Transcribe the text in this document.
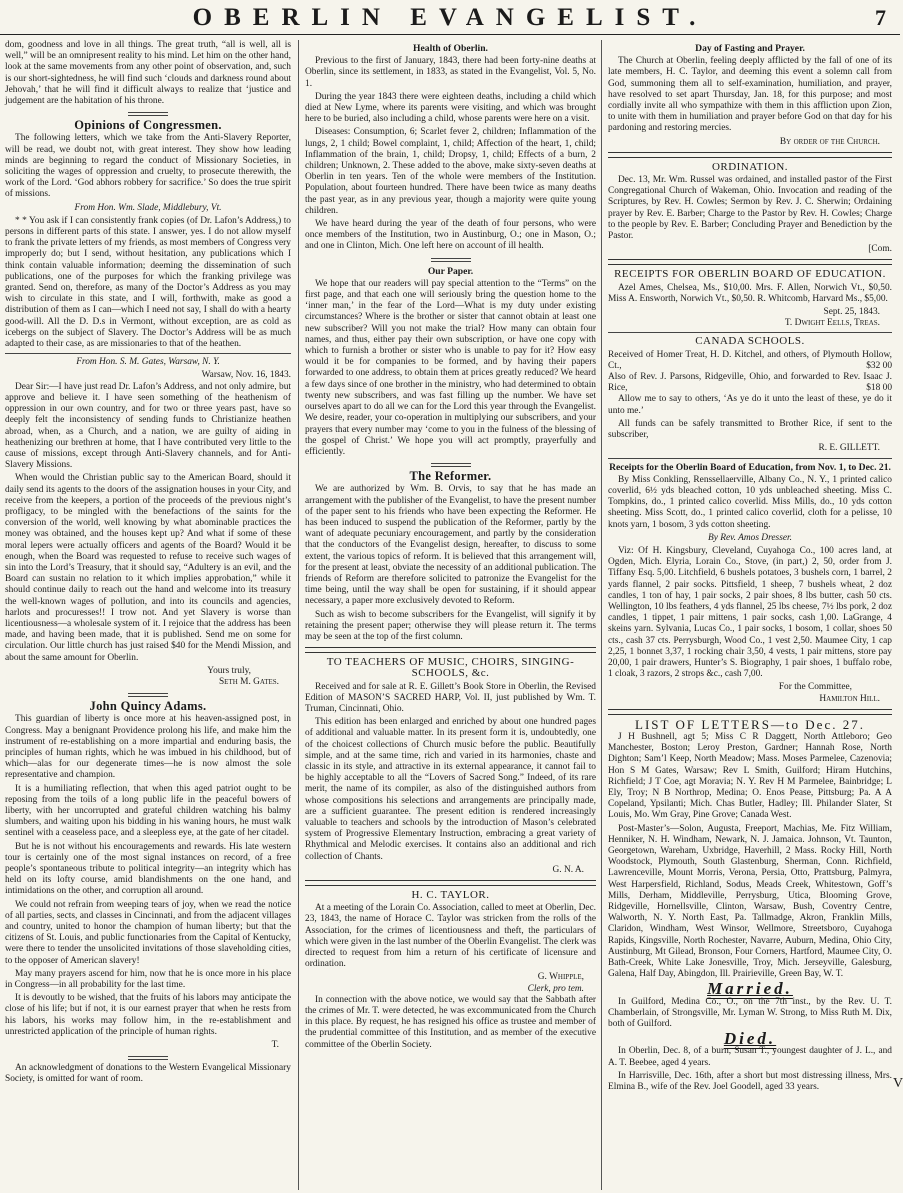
OBERLIN EVANGELIST.	7

dom, goodness and love in all things. The great truth, “all is well, all is well,” will be an omnipresent reality to his mind. Let him on the other hand, look at the same movements from any other point of observation, and, such is our short-sightedness, he will find such ‘clouds and darkness round about Jehovah,’ that he will find it difficult always to realize that ‘justice and judgement are the habitation of his throne.

Opinions of Congressmen.

The following letters, which we take from the Anti-Slavery Reporter, will be read, we doubt not, with great interest. They show how leading minds are beginning to regard the conduct of Missionary Societies, in soliciting the wages of oppression and cruelty, to prosecute therewith, the work of the Lord. ‘God abhors robbery for sacrifice.’ So does the true spirit of missions.

From Hon. Wm. Slade, Middlebury, Vt.

* * You ask if I can consistently frank copies (of Dr. Lafon’s Address,) to persons in different parts of this state. I answer, yes. I do not allow myself to frank the private letters of my friends, as most members of Congress very improperly do; but I send, without hesitation, any publications which I think contain valuable information; deeming the dissemination of such publications, one of the purposes for which the franking privilege was granted. Send on, therefore, as many of the Doctor’s Address as you may wish to circulate in this state, and I will, forthwith, make as good a distribution of them as I can—which I need not say, I shall do with a hearty good-will. All the D. D.s in Vermont, without exception, are as cold as icebergs on the subject of Slavery. The Doctor’s Address will be as much adapted to their case, as are missionaries to that of the heathen.

From Hon. S. M. Gates, Warsaw, N. Y.
Warsaw, Nov. 16, 1843.

Dear Sir:—I have just read Dr. Lafon’s Address, and not only admire, but approve and believe it. I have seen something of the heathenism of oppression in our own country, and for two or three years past, have so deeply felt the inconsistency of sending funds to Christianize heathen abroad, when, as a Church, and a nation, we are guilty of aiding in heathenizing our brethren at home, that I have contributed very little to the cause of missions, except through Anti-Slavery channels, and for Anti-Slavery Missions.

When would the Christian public say to the American Board, should it daily send its agents to the doors of the assignation houses in your City, and receive from the keepers, a portion of the proceeds of the previous night’s profligacy, to be mingled with the benefactions of the saints for the conversion of the world, well knowing by what abominable practices the money was obtained, and the houses kept up? And what if some of these moral lepers were actually officers and agents of the Board? Would it be enough, when the Board was requested to refuse to receive such wages of sin into the Lord’s Treasury, that it should say, “Adultery is an evil, and the Board can sustain no relation to it which implies approbation,” while it should continue daily to reach out the hand and welcome into its treasury the well-known wages of pollution, and into its councils and agencies, harlots and procuresses!! I trow not. And yet Slavery is worse than licentiousness—a wholesale system of it. I rejoice that the address has been made, and having been made, that it is published. Send me on some for circulation. Our little church has just raised $40 for the Mendi Mission, and about the same amount for Oberlin.

Yours truly,
Seth M. Gates.
John Quincy Adams.

This guardian of liberty is once more at his heaven-assigned post, in Congress. May a benignant Providence prolong his life, and make him the instrument of re-establishing on a more impartial and enduring basis, the principles of human rights, which he was imbued in his childhood, but of which—alas for our degenerate times—he is now almost the sole representative and champion.

It is a humiliating reflection, that when this aged patriot ought to be reposing from the toils of a long public life in the peaceful bowers of liberty, with her uncorrupted and grateful children watching his balmy slumbers, and waiting upon his bidding in his waning hours, he must walk sentinel with a ceaseless pace, and a sleepless eye, at the gate of her citadel.

But he is not without his encouragements and rewards. His late western tour is certainly one of the most signal instances on record, of a free people’s spontaneous tribute to political integrity—an integrity which has held on its lofty course, amid blandishments on the one hand, and intimidations on the other, and corruption all around.

We could not refrain from weeping tears of joy, when we read the notice of all parties, sects, and classes in Cincinnati, and from the adjacent villages and country, united to honor the champion of human liberty; but that the citizens of St. Louis, and public functionaries from the Capital of Kentucky, were there to tender the unsolicited invitations of those slaveholding cities, to the opposer of American slavery!

May many prayers ascend for him, now that he is once more in his place in Congress—in all probability for the last time.

It is devoutly to be wished, that the fruits of his labors may anticipate the close of his life; but if not, it is our earnest prayer that when he rests from his labors, his works may follow him, in the re-establishment and unrestricted application of the principle of human rights.

T.

An acknowledgment of donations to the Western Evangelical Missionary Society, is omitted for want of room.

Health of Oberlin.

Previous to the first of January, 1843, there had been forty-nine deaths at Oberlin, since its settlement, in 1833, as stated in the Evangelist, Vol. 5, No. 1.

During the year 1843 there were eighteen deaths, including a child which died at New Lyme, where its parents were visiting, and which was brought here to be buried, also including a child, whose parents were here on a visit.

Diseases: Consumption, 6; Scarlet fever 2, children; Inflammation of the lungs, 2, 1 child; Bowel complaint, 1, child; Affection of the heart, 1, child; Inflammation of the brain, 1, child; Dropsy, 1, child; Effects of a burn, 2 children; Unknown, 2. These added to the above, make sixty-seven deaths at Oberlin in ten years. Ten of the whole were members of the Institution. Population, about fourteen hundred. There have been twice as many deaths the past year, as in any previous year, though a majority were quite young children.

We have heard during the year of the death of four persons, who were once members of the Institution, two in Austinburg, O.; one in Mason, O.; and one in Clinton, Mich. One left here on account of ill health.

Our Paper.

We hope that our readers will pay special attention to the “Terms” on the first page, and that each one will seriously bring the question home to the ‘inner man,’ in the fear of the Lord—What is my duty under existing circumstances? Where is the brother or sister that cannot obtain at least one new subscriber? Will you not make the trial? How many can obtain four names, and thus, either pay their own subscription, or have one copy with which to furnish a brother or sister who is unable to pay for it? How easy would it be for companies to be formed, and by having their papers forwarded to one address, to obtain them at prices greatly reduced? We heard a few days since of one brother in the ministry, who had determined to obtain twenty new subscribers, and was fast filling up the number. We have set ourselves apart to do all we can for the Lord this year through the Evangelist. We desire, reader, your co-operation in multiplying our subscribers, and your prayers that every number may ‘come to you in the fulness of the blessing of the gospel of Christ.’ We hope you will act promptly, prayerfully and efficiently.

The Reformer.

We are authorized by Wm. B. Orvis, to say that he has made an arrangement with the publisher of the Evangelist, to have the present number of the paper sent to his friends who have been expecting the Reformer. He has been induced to suspend the publication of the Reformer, partly by the want of adequate pecuniary encouragement, and partly by the consideration that the conductors of the Evangelist design, hereafter, to discuss to some extent, the various topics of reform. It is believed that this arrangement will, for the present at least, obviate the necessity of an additional publication. The friends of Reform are therefore solicited to patronize the Evangelist for the time being, until the way shall be open for sustaining, if it should appear necessary, a paper more exclusively devoted to Reform.

Such as wish to become subscribers for the Evangelist, will signify it by retaining the present paper; otherwise they will please return it. The terms may be seen at the top of the first column.

TO TEACHERS OF MUSIC, CHOIRS, SINGING-SCHOOLS, &c.

Received and for sale at R. E. Gillett’s Book Store in Oberlin, the Revised Edition of MASON’S SACRED HARP, Vol. II, just published by Wm. T. Truman, Cincinnati, Ohio.

This edition has been enlarged and enriched by about one hundred pages of additional and valuable matter. In its present form it is, undoubtedly, one of the choicest collections of Church music before the public. Beautifully simple, and at the same time, rich and varied in its harmonies, chaste and classic in its style, and attractive in its external appearance, it cannot fail to be highly acceptable to all the “Lovers of Sacred Song.” Indeed, of its rare merit, the name of its compiler, as also of the distinguished authors from whose compositions his selections and arrangements are principally made, are a sufficient guarantee. The present edition is rendered increasingly valuable to teachers and schools by the introduction of Mason’s celebrated system of Progressive Elementary Instruction, embracing a great variety of Rhythmical and Melodic exercises. It contains also an additional and rich collection of Chants.

G. N. A.
H. C. TAYLOR.

At a meeting of the Lorain Co. Association, called to meet at Oberlin, Dec. 23, 1843, the name of Horace C. Taylor was stricken from the rolls of the Association, for the crimes of licentiousness and theft, the particulars of which were given in the last number of the Oberlin Evangelist. The clerk was directed to request from him a return of his certificate of licensure and ordination.

G. Whipple,
Clerk, pro tem.

In connection with the above notice, we would say that the Sabbath after the crimes of Mr. T. were detected, he was excommunicated from the Church in this place. By request, he has resigned his office as trustee and member of the prudential committee of this Institution, and as member of the executive committee of the Oberlin Society.

Day of Fasting and Prayer.

The Church at Oberlin, feeling deeply afflicted by the fall of one of its late members, H. C. Taylor, and deeming this event a solemn call from God, summoning them all to self-examination, humiliation, and prayer, have resolved to set apart Thursday, Jan. 18, for this purpose; and most cordially invite all who sympathize with them in this affliction upon Zion, to unite with them in humiliation and prayer before God on that day for his pardoning and restoring mercies.

By order of the Church.
ORDINATION.

Dec. 13, Mr. Wm. Russel was ordained, and installed pastor of the First Congregational Church of Wakeman, Ohio. Invocation and reading of the Scriptures, by Rev. H. Cowles; Sermon by Rev. J. C. Sherwin; Ordaining prayer by Rev. E. Barber; Charge to the Pastor by Rev. H. Cowles; Charge to the people by Rev. E. Barber; Concluding Prayer and Benediction by the Pastor.

[Com.
RECEIPTS FOR OBERLIN BOARD OF EDUCATION.

Azel Ames, Chelsea, Ms., $10,00. Mrs. F. Allen, Norwich Vt., $0,50. Miss A. Ensworth, Norwich Vt., $0,50. R. Whitcomb, Harvard Ms., $5,00.

Sept. 25, 1843.
T. Dwight Eells, Treas.
CANADA SCHOOLS.
Received of Homer Treat, H. D. Kitchel, and others, of Plymouth Hollow, Ct.,	$32 00
Also of Rev. J. Parsons, Ridgeville, Ohio, and forwarded to Rev. Isaac J. Rice,	$18 00

Allow me to say to others, ‘As ye do it unto the least of these, ye do it unto me.’

All funds can be safely transmitted to Brother Rice, if sent to the subscriber,

R. E. GILLETT.
Receipts for the Oberlin Board of Education, from Nov. 1, to Dec. 21.

By Miss Conkling, Renssellaerville, Albany Co., N. Y., 1 printed calico coverlid, 6½ yds bleached cotton, 10 yds unbleached sheeting. Miss C. Tompkins, do., 1 printed calico coverlid. Miss Mills, do., 10 yds cotton sheeting. Miss Scott, do., 1 printed calico coverlid, cloth for a pelisse, 10 knots yarn, 1 bosom, 3 yds cotton sheeting.

By Rev. Amos Dresser.

Viz: Of H. Kingsbury, Cleveland, Cuyahoga Co., 100 acres land, at Ogden, Mich. Elyria, Lorain Co., Stove, (in part,) 2, 50, order from J. Tiffany Esq. 5,00. Litchfield, 6 bushels potatoes, 3 bushels corn, 1 barrel, 2 yards flannel, 2 pair socks. Pittsfield, 1 sheep, 7 bushels wheat, 2 doz candles, 1 ton of hay, 1 pair socks, 2 pair shoes, 8 lbs butter, cash 50 cts. Wellington, 10 lbs feathers, 4 yds flannel, 25 lbs cheese, 7½ lbs pork, 2 doz candles, 1 tippet, 1 pair mittens, 1 pair socks, cash 1,00. LaGrange, 4 skeins yarn. Sylvania, Lucas Co., 1 pair socks, 1 bosom, 1 collar, shoes 50 cts., cash 37 cts. Perrysburgh, Wood Co., 1 vest 2,50. Maumee City, 1 cap 2,25, 1 bonnet 3,37, 1 rocking chair 3,50, 4 vests, 1 pair mittens, store pay 20,00, 1 pair drawers, Hunter’s S. Biography, 1 pair shoes, 1 buffalo robe, 1 cloak, 3 razors, 2 strops &c., cash 7,00.

For the Committee,
Hamilton Hill.
LIST OF LETTERS—to Dec. 27.

J H Bushnell, agt 5; Miss C R Daggett, North Attleboro; Geo Manchester, Boston; Leroy Preston, Gardner; Hannah Rose, North Dighton; Sam’l Keep, North Meadow; Mass. Moses Parmelee, Cazenovia; Hon S M Gates, Warsaw; Rev L Smith, Guilford; Hiram Hutchins, Richfield; J T Coe, agt Moravia; N. Y. Rev H M Parmelee, Bainbridge; L Ely, Troy; N B Northrop, Medina; O. Enos Pease, Pittsburg; Pa. A A Copeland, Ypsilanti; Mich. Chas Butler, Hadley; Ill. Philander Slater, St Louis, Mo. Wm Gray, Pine Grove; Canada West.

Post-Master’s—Solon, Augusta, Freeport, Machias, Me. Fitz William, Henniker, N. H. Windham, Newark, N. J. Jamaica. Johnson, Vt. Taunton, Georgetown, Wareham, Uxbridge, Haverhill, 2 Mass. Rocky Hill, North Woodstock, Plymouth, South Glastenburg, Sherman, Conn. Richfield, Lawrenceville, Mount Morris, Verona, Persia, Otto, Prattsburg, Palmyra, West Harpersfield, Richland, Sodus, Meads Creek, Whitestown, Goff’s Mills, Derham, Middleville, Perrysburg, Utica, Blooming Grove, Ridgeville, Hornellsville, Clinton, Warsaw, Bush, Coventry Centre, Walworth, N. Y. North East, Pa. Tallmadge, Akron, Franklin Mills, Claridon, Windham, West Winsor, Wellmore, Streetsboro, Cuyahoga Rapids, Kingsville, North Rochester, Navarre, Auburn, Medina, Ohio City, Austinburg, Mt Gilead, Bronson, Four Corners, Hartford, Maumee City, O. Bath-Creek, White Lake Jonesville, Troy, Mich. Jerseyville, Galesburg, Galena, Half Day, Abingdon, Ill. Prairieville, Green Bay, W. T.

Married.

In Guilford, Medina Co., O., on the 7th inst., by the Rev. U. T. Chamberlain, of Strongsville, Mr. Lyman W. Strong, to Miss Ruth M. Dix, both of Guilford.

Died.

In Oberlin, Dec. 8, of a burn, Susan T., youngest daughter of J. L., and A. T. Beebee, aged 4 years.

In Harrisville, Dec. 16th, after a short but most distressing illness, Mrs. Elmina B., wife of the Rev. Joel Goodell, aged 33 years.	V
